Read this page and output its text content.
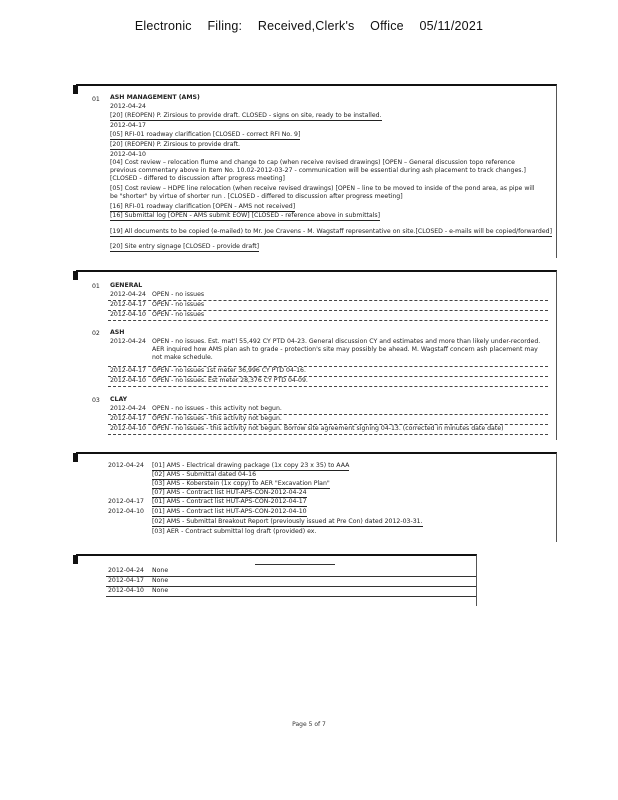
Electronic Filing: Received,Clerk's Office 05/11/2021
01 ASH MANAGEMENT (AMS)
2012-04-24
[20] (REOPEN) P. Zirsious to provide draft. CLOSED - signs on site, ready to be installed.
2012-04-17
[05] RFI-01 roadway clarification [CLOSED - correct RFI No. 9]
[20] (REOPEN) P. Zirsious to provide draft.
2012-04-10
[04] Cost review – relocation flume and change to cap (when receive revised drawings) [OPEN – General discussion topo reference previous commentary above in Item No. 10.02-2012-03-27 - communication will be essential during ash placement to track changes.] [CLOSED - differed to discussion after progress meeting]
[05] Cost review – HDPE line relocation (when receive revised drawings) [OPEN – line to be moved to inside of the pond area, as pipe will be "shorter" by virtue of shorter run . [CLOSED - differed to discussion after progress meeting]
[16] RFI-01 roadway clarification [OPEN - AMS not received]
[16] Submittal log [OPEN - AMS submit EOW] [CLOSED - reference above in submittals]
[19] All documents to be copied (e-mailed) to Mr. Joe Cravens - M. Wagstaff representative on site.[CLOSED - e-mails will be copied/forwarded]
[20] Site entry signage [CLOSED - provide draft]
01 GENERAL
2012-04-24 OPEN - no issues
2012-04-17 OPEN - no issues
2012-04-10 OPEN - no issues
02 ASH
2012-04-24 OPEN - no issues. Est. mat'l 55,492 CY PTD 04-23. General discussion CY and estimates and more than likely under-recorded. AER inquired how AMS plan ash to grade - protection's site may possibly be ahead. M. Wagstaff concern ash placement may not make schedule.
2012-04-17 OPEN - no issues 1st meter 36,996 CY PTD 04-16.
2012-04-10 OPEN - no issues. Est meter 28,376 CY PTD 04-09.
03 CLAY
2012-04-24 OPEN - no issues - this activity not begun.
2012-04-17 OPEN - no issues - this activity not begun.
2012-04-10 OPEN - no issues - this activity not begun. Borrow site agreement signing 04-13. (corrected in minutes date date)
2012-04-24 [01] AMS - Electrical drawing package (1x copy 23 x 35) to AAA
[02] AMS - Submittal dated 04-16
[03] AMS - Koberstein (1x copy) to AER "Excavation Plan"
[07] AMS - Contract list HUT-APS-CON-2012-04-24
2012-04-17 [01] AMS - Contract list HUT-APS-CON-2012-04-17
2012-04-10 [01] AMS - Contract list HUT-APS-CON-2012-04-10
[02] AMS - Submittal Breakout Report (previously issued at Pre Con) dated 2012-03-31.
[03] AER - Contract submittal log draft (provided) ex.
2012-04-24 None
2012-04-17 None
2012-04-10 None
Page 5 of 7
